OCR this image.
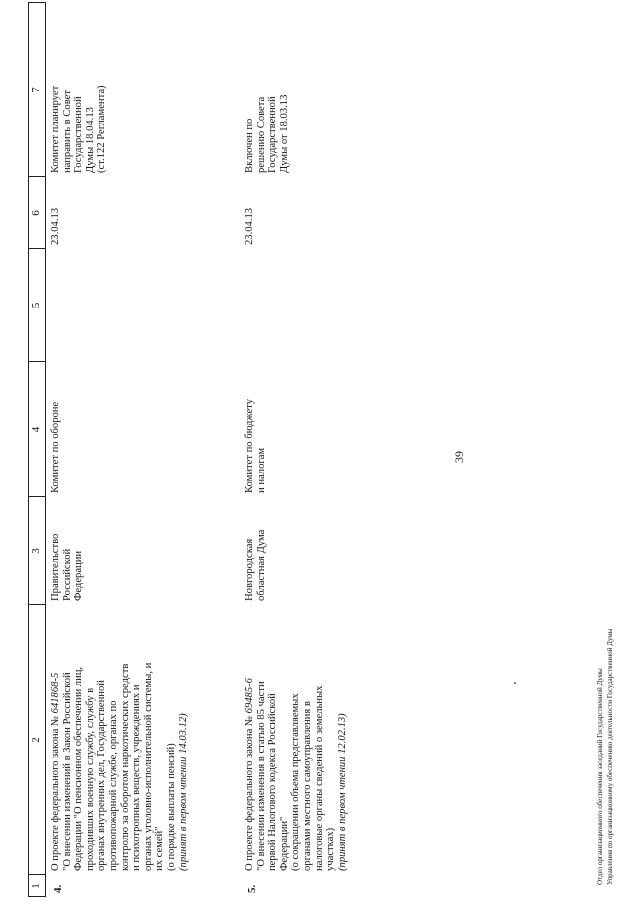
39
1
2
3
4
5
6
7
4.

О проекте федерального закона № 641868-5 "О внесении изменений в Закон Российской Федерации "О пенсионном обеспечении лиц, проходивших военную службу, службу в органах внутренних дел, Государственной противопожарной службе, органах по контролю за оборотом наркотических средств и психотропных веществ, учреждениях и органах уголовно-исполнительной системы, и их семей" (о порядке выплаты пенсий) (принят в первом чтении 14.03.12)

Правительство Российской Федерации

Комитет по обороне

23.04.13

Комитет планирует направить в Совет Государственной Думы 18.04.13 (ст.122 Регламента)

5.

О проекте федерального закона № 69485-6 "О внесении изменения в статью 85 части первой Налогового кодекса Российской Федерации" (о сокращении объема представляемых органами местного самоуправления в налоговые органы сведений о земельных участках) (принят в первом чтении 12.02.13)

Новгородская областная Дума

Комитет по бюджету и налогам

23.04.13

Включен по решению Совета Государственной Думы от 18.03.13

Отдел организационного обеспечения заседаний Государственной Думы Управления по организационному обеспечению деятельности Государственной Думы
